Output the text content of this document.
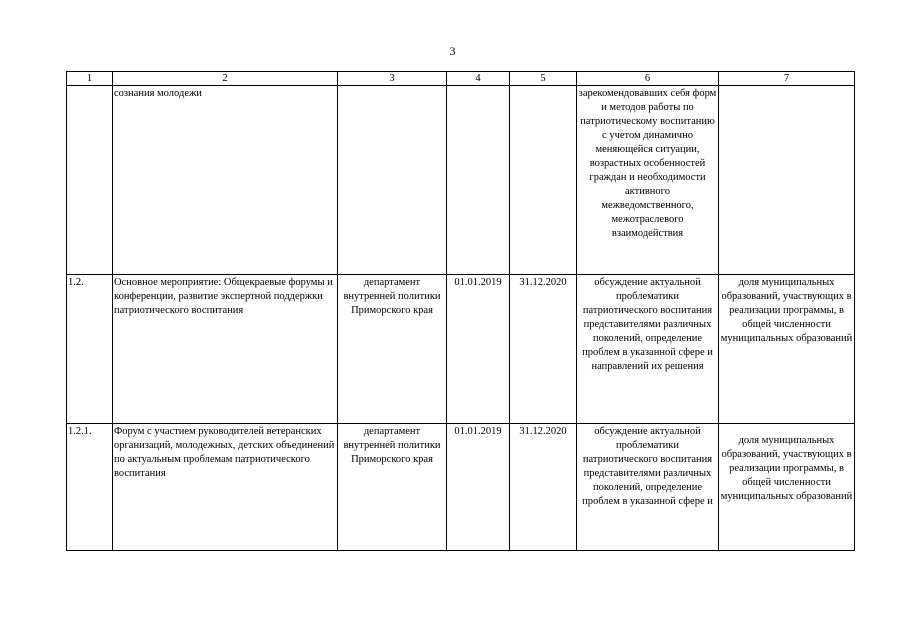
3
1	2	3	4	5	6	7
	сознания молодежи				зарекомендовавших себя форм и методов работы по патриотическому воспитанию с учетом динамично меняющейся ситуации, возрастных особенностей граждан и необходимости активного межведомственного, межотраслевого взаимодействия	
1.2.	Основное мероприятие: Общекраевые форумы и конференции, развитие экспертной поддержки патриотического воспитания	департамент внутренней политики Приморского края	01.01.2019	31.12.2020	обсуждение актуальной проблематики патриотического воспитания представителями различных поколений, определение проблем в указанной сфере и направлений их решения	доля муниципальных образований, участвующих в реализации программы, в общей численности муниципальных образований
1.2.1.	Форум с участием руководителей ветеранских организаций, молодежных, детских объединений по актуальным проблемам патриотического воспитания	департамент внутренней политики Приморского края	01.01.2019	31.12.2020	обсуждение актуальной проблематики патриотического воспитания представителями различных поколений, определение проблем в указанной сфере и	доля муниципальных образований, участвующих в реализации программы, в общей численности муниципальных образований
